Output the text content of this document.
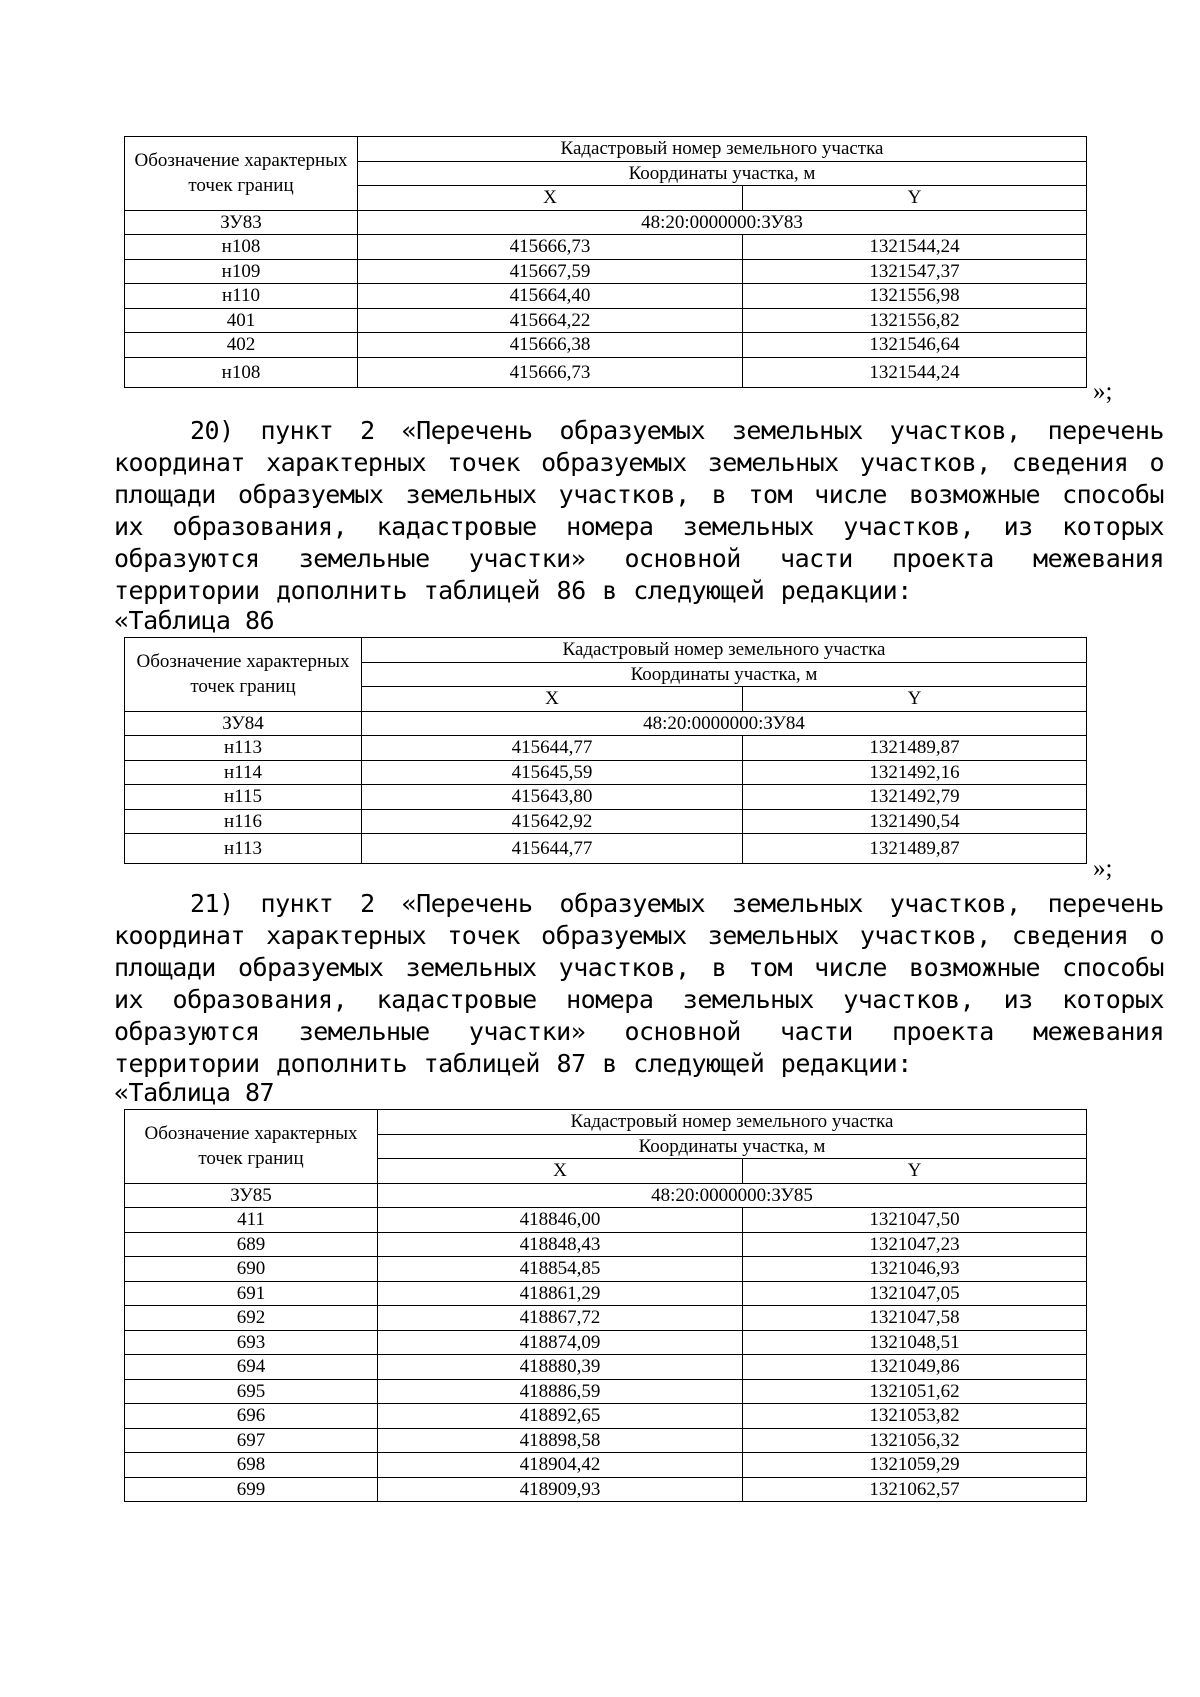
Обозначение характерных точек границ	Кадастровый номер земельного участка	
	Координаты участка, м	
	X	Y
ЗУ83	48:20:0000000:ЗУ83	
н108	415666,73	1321544,24
н109	415667,59	1321547,37
н110	415664,40	1321556,98
401	415664,22	1321556,82
402	415666,38	1321546,64
н108	415666,73	1321544,24
»;

20) пункт 2 «Перечень образуемых земельных участков, перечень координат характерных точек образуемых земельных участков, сведения о площади образуемых земельных участков, в том числе возможные способы их образования, кадастровые номера земельных участков, из которых образуются земельные участки» основной части проекта межевания территории дополнить таблицей 86 в следующей редакции:

«Таблица 86
Обозначение характерных точек границ	Кадастровый номер земельного участка	
	Координаты участка, м	
	X	Y
ЗУ84	48:20:0000000:ЗУ84	
н113	415644,77	1321489,87
н114	415645,59	1321492,16
н115	415643,80	1321492,79
н116	415642,92	1321490,54
н113	415644,77	1321489,87
»;

21) пункт 2 «Перечень образуемых земельных участков, перечень координат характерных точек образуемых земельных участков, сведения о площади образуемых земельных участков, в том числе возможные способы их образования, кадастровые номера земельных участков, из которых образуются земельные участки» основной части проекта межевания территории дополнить таблицей 87 в следующей редакции:

«Таблица 87
Обозначение характерных точек границ	Кадастровый номер земельного участка	
	Координаты участка, м	
	X	Y
ЗУ85	48:20:0000000:ЗУ85	
411	418846,00	1321047,50
689	418848,43	1321047,23
690	418854,85	1321046,93
691	418861,29	1321047,05
692	418867,72	1321047,58
693	418874,09	1321048,51
694	418880,39	1321049,86
695	418886,59	1321051,62
696	418892,65	1321053,82
697	418898,58	1321056,32
698	418904,42	1321059,29
699	418909,93	1321062,57
